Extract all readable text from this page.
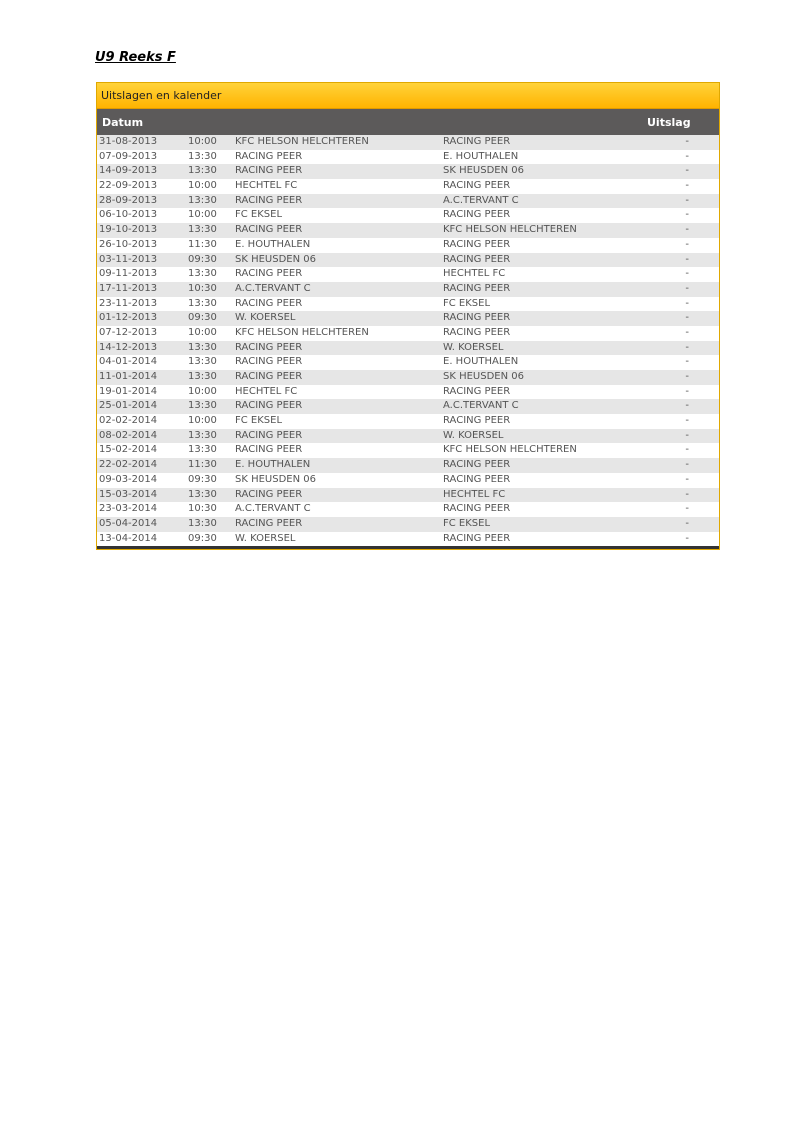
U9 Reeks F
Uitslagen en kalender
Datum	Uitslag
31-08-2013	10:00	KFC HELSON HELCHTEREN	RACING PEER	-
07-09-2013	13:30	RACING PEER	E. HOUTHALEN	-
14-09-2013	13:30	RACING PEER	SK HEUSDEN 06	-
22-09-2013	10:00	HECHTEL FC	RACING PEER	-
28-09-2013	13:30	RACING PEER	A.C.TERVANT C	-
06-10-2013	10:00	FC EKSEL	RACING PEER	-
19-10-2013	13:30	RACING PEER	KFC HELSON HELCHTEREN	-
26-10-2013	11:30	E. HOUTHALEN	RACING PEER	-
03-11-2013	09:30	SK HEUSDEN 06	RACING PEER	-
09-11-2013	13:30	RACING PEER	HECHTEL FC	-
17-11-2013	10:30	A.C.TERVANT C	RACING PEER	-
23-11-2013	13:30	RACING PEER	FC EKSEL	-
01-12-2013	09:30	W. KOERSEL	RACING PEER	-
07-12-2013	10:00	KFC HELSON HELCHTEREN	RACING PEER	-
14-12-2013	13:30	RACING PEER	W. KOERSEL	-
04-01-2014	13:30	RACING PEER	E. HOUTHALEN	-
11-01-2014	13:30	RACING PEER	SK HEUSDEN 06	-
19-01-2014	10:00	HECHTEL FC	RACING PEER	-
25-01-2014	13:30	RACING PEER	A.C.TERVANT C	-
02-02-2014	10:00	FC EKSEL	RACING PEER	-
08-02-2014	13:30	RACING PEER	W. KOERSEL	-
15-02-2014	13:30	RACING PEER	KFC HELSON HELCHTEREN	-
22-02-2014	11:30	E. HOUTHALEN	RACING PEER	-
09-03-2014	09:30	SK HEUSDEN 06	RACING PEER	-
15-03-2014	13:30	RACING PEER	HECHTEL FC	-
23-03-2014	10:30	A.C.TERVANT C	RACING PEER	-
05-04-2014	13:30	RACING PEER	FC EKSEL	-
13-04-2014	09:30	W. KOERSEL	RACING PEER	-
